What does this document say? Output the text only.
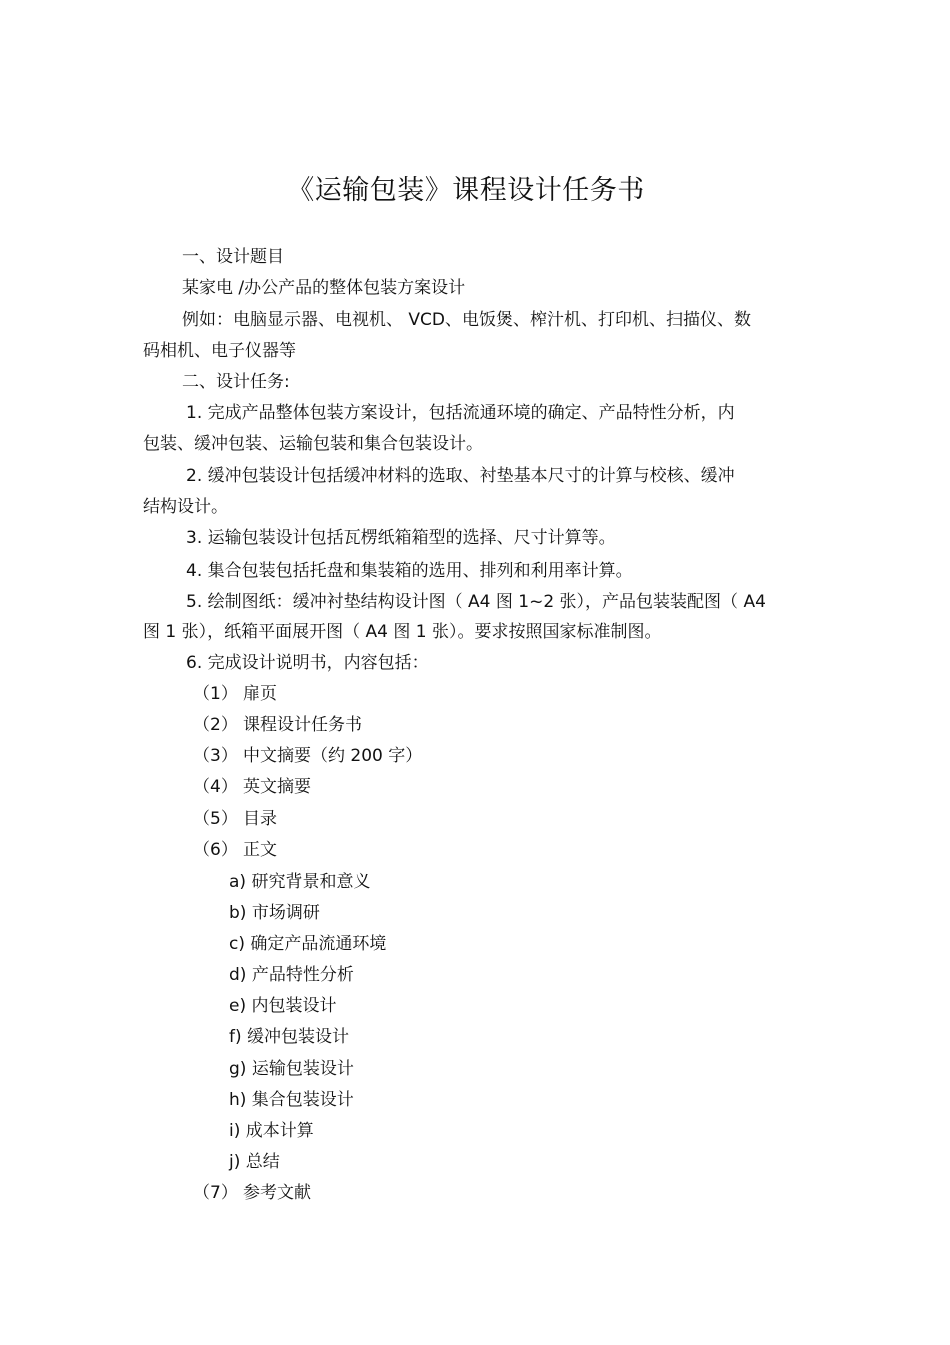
《运输包装》课程设计任务书
一、设计题目
某家电 /办公产品的整体包装方案设计
例如：电脑显示器、电视机、 VCD、电饭煲、榨汁机、打印机、扫描仪、数
码相机、电子仪器等
二、设计任务:
1. 完成产品整体包装方案设计，包括流通环境的确定、产品特性分析，内
包装、缓冲包装、运输包装和集合包装设计。
2. 缓冲包装设计包括缓冲材料的选取、衬垫基本尺寸的计算与校核、缓冲
结构设计。
3. 运输包装设计包括瓦楞纸箱箱型的选择、尺寸计算等。
4. 集合包装包括托盘和集装箱的选用、排列和利用率计算。
5. 绘制图纸：缓冲衬垫结构设计图（ A4 图 1~2 张），产品包装装配图（ A4
图 1 张），纸箱平面展开图（ A4 图 1 张）。要求按照国家标准制图。
6. 完成设计说明书，内容包括：
（1） 扉页
（2） 课程设计任务书
（3） 中文摘要（约 200 字）
（4） 英文摘要
（5） 目录
（6） 正文
a) 研究背景和意义
b) 市场调研
c) 确定产品流通环境
d) 产品特性分析
e) 内包装设计
f) 缓冲包装设计
g) 运输包装设计
h) 集合包装设计
i) 成本计算
j) 总结
（7） 参考文献
